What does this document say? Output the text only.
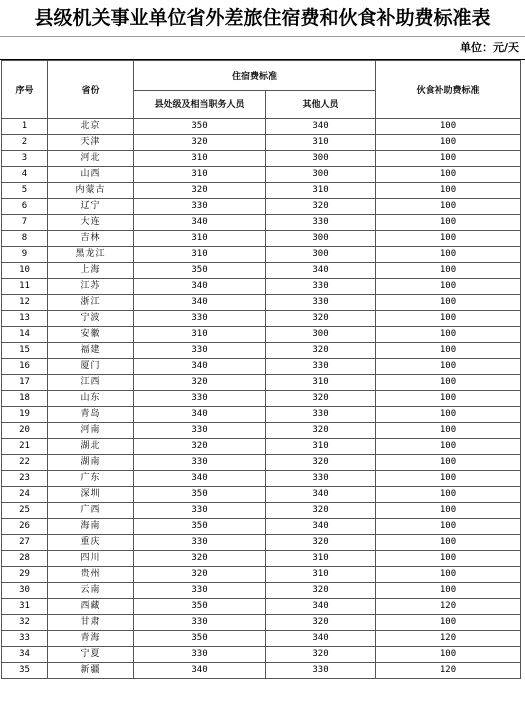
县级机关事业单位省外差旅住宿费和伙食补助费标准表
单位：元/天
序号	省份	住宿费标准		伙食补助费标准
		县处级及相当职务人员	其他人员	
1	北京	350	340	100
2	天津	320	310	100
3	河北	310	300	100
4	山西	310	300	100
5	内蒙古	320	310	100
6	辽宁	330	320	100
7	大连	340	330	100
8	吉林	310	300	100
9	黑龙江	310	300	100
10	上海	350	340	100
11	江苏	340	330	100
12	浙江	340	330	100
13	宁波	330	320	100
14	安徽	310	300	100
15	福建	330	320	100
16	厦门	340	330	100
17	江西	320	310	100
18	山东	330	320	100
19	青岛	340	330	100
20	河南	330	320	100
21	湖北	320	310	100
22	湖南	330	320	100
23	广东	340	330	100
24	深圳	350	340	100
25	广西	330	320	100
26	海南	350	340	100
27	重庆	330	320	100
28	四川	320	310	100
29	贵州	320	310	100
30	云南	330	320	100
31	西藏	350	340	120
32	甘肃	330	320	100
33	青海	350	340	120
34	宁夏	330	320	100
35	新疆	340	330	120
